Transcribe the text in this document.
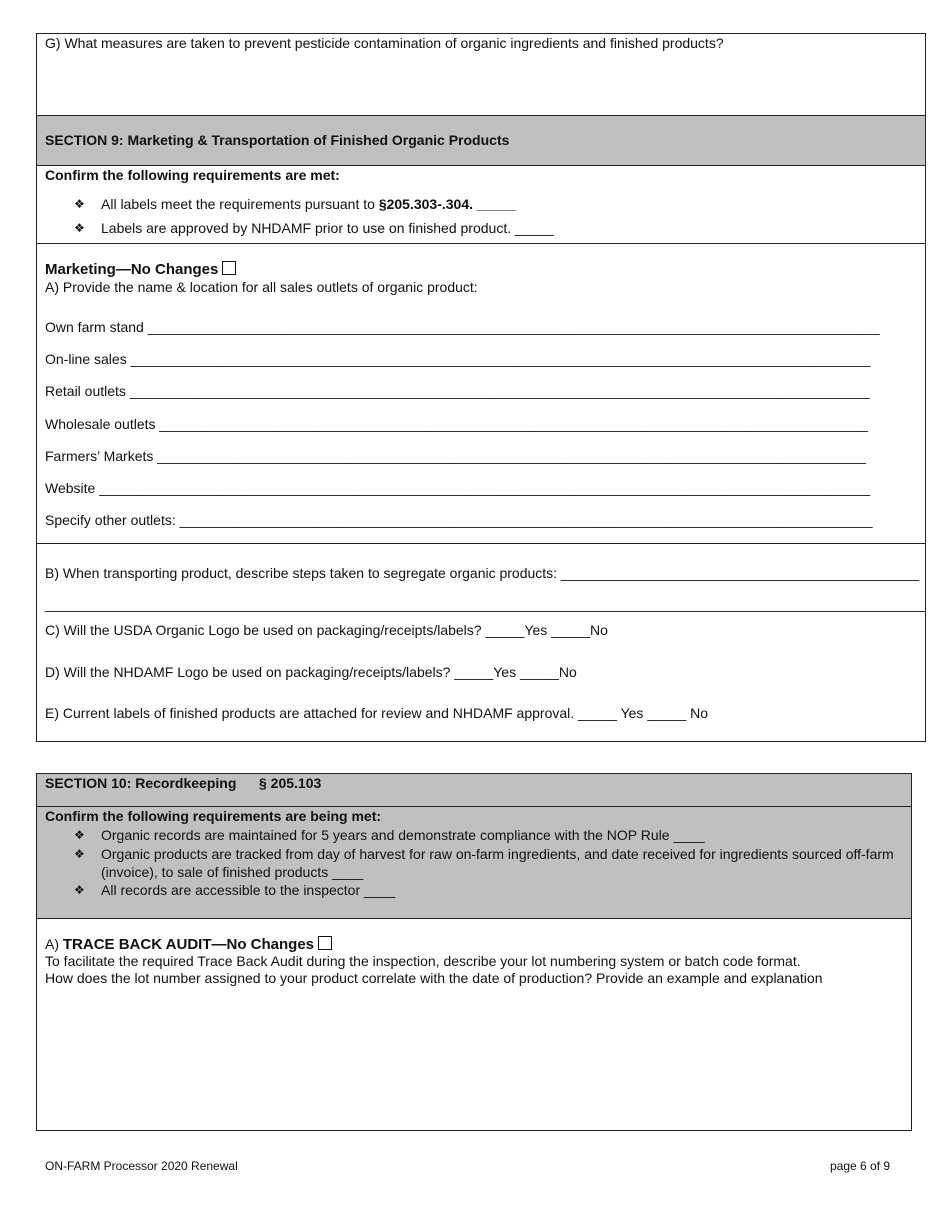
G) What measures are taken to prevent pesticide contamination of organic ingredients and finished products?
SECTION 9: Marketing & Transportation of Finished Organic Products
Confirm the following requirements are met:
❖ All labels meet the requirements pursuant to §205.303-.304. _____
❖ Labels are approved by NHDAMF prior to use on finished product. _____
Marketing—No Changes
A) Provide the name & location for all sales outlets of organic product:
Own farm stand ______________________________________________________________________________________________
On-line sales _______________________________________________________________________________________________
Retail outlets _______________________________________________________________________________________________
Wholesale outlets ___________________________________________________________________________________________
Farmers’ Markets ___________________________________________________________________________________________
Website ___________________________________________________________________________________________________
Specify other outlets: _________________________________________________________________________________________
B) When transporting product, describe steps taken to segregate organic products: ______________________________________________
_________________________________________________________________________________________________________________
C) Will the USDA Organic Logo be used on packaging/receipts/labels? _____Yes _____No
D) Will the NHDAMF Logo be used on packaging/receipts/labels? _____Yes _____No
E) Current labels of finished products are attached for review and NHDAMF approval. _____ Yes _____ No
SECTION 10: Recordkeeping § 205.103
Confirm the following requirements are being met:
❖ Organic records are maintained for 5 years and demonstrate compliance with the NOP Rule ____
❖ Organic products are tracked from day of harvest for raw on-farm ingredients, and date received for ingredients sourced off-farm
(invoice), to sale of finished products ____
❖ All records are accessible to the inspector ____
A) TRACE BACK AUDIT—No Changes
To facilitate the required Trace Back Audit during the inspection, describe your lot numbering system or batch code format.
How does the lot number assigned to your product correlate with the date of production? Provide an example and explanation
ON-FARM Processor 2020 Renewal	page 6 of 9
